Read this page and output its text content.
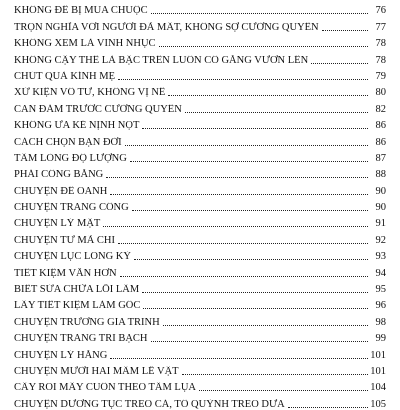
KHÔNG ĐỂ BỊ MUA CHUỘC	76
TRỌN NGHĨA VỚI NGƯỜI ĐÃ MẤT, KHÔNG SỢ CƯỜNG QUYỀN	77
KHÔNG XEM LÀ VINH NHỤC	78
KHÔNG CẬY THẾ LÀ BẬC TRÊN LUÔN CỐ GẮNG VƯƠN LÊN	78
CHÚT QUÀ KÍNH MẸ	79
XỬ KIỆN VÔ TƯ, KHÔNG VỊ NỂ	80
CAN ĐẢM TRƯỚC CƯỜNG QUYỀN	82
KHÔNG ƯA KẺ NỊNH NỌT	86
CÁCH CHỌN BẠN ĐỜI	86
TẤM LÒNG ĐỘ LƯỢNG	87
PHẢI CÔNG BẰNG	88
CHUYỆN ĐỀ OANH	90
CHUYỆN TRANG CÔNG	90
CHUYỆN LÝ MẬT	91
CHUYỆN TƯ MÃ CHI	92
CHUYỆN LỤC LONG KỲ	93
TIẾT KIỆM VẪN HƠN	94
BIẾT SỬA CHỮA LỖI LẦM	95
LẤY TIẾT KIỆM LÀM GỐC	96
CHUYỆN TRƯƠNG GIA TRINH	98
CHUYỆN TRANG TRI BẠCH	99
CHUYỆN LÝ HẰNG	101
CHUYỆN MƯỜI HAI MÂM LỄ VẬT	101
CÂY ROI MÂY CUỐN THEO TẤM LỤA	104
CHUYỆN DƯƠNG TỤC TREO CÁ, TÔ QUỲNH TREO DƯA	105
